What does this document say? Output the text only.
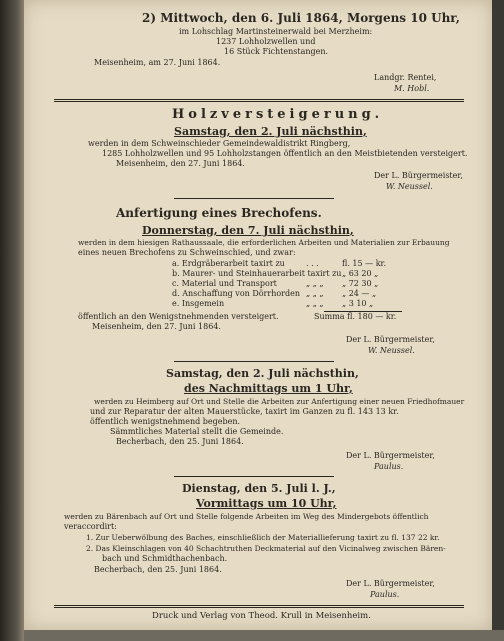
2) Mittwoch, den 6. Juli 1864, Morgens 10 Uhr,
im Lohschlag Martinsteinerwald bei Merzheim:
1237 Lohholzwellen und
16 Stück Fichtenstangen.
Meisenheim, am 27. Juni 1864.
Landgr. Rentei,
M. Hobl.
Holzversteigerung.
Samstag, den 2. Juli nächsthin,
werden in dem Schweinschieder Gemeindewaldistrikt Ringberg,
1285 Lohholzwellen und 95 Lohholzstangen öffentlich an den Meistbietenden versteigert.
Meisenheim, den 27. Juni 1864.
Der L. Bürgermeister,
W. Neussel.
Anfertigung eines Brechofens.
Donnerstag, den 7. Juli nächsthin,
werden in dem hiesigen Rathaussaale, die erforderlichen Arbeiten und Materialien zur Erbauung
eines neuen Brechofens zu Schweinschied, und zwar:
a. Erdgräberarbeit taxirt zu	. . .	fl. 15 — kr.
b. Maurer- und Steinhauerarbeit taxirt zu „ 63 20 „
c. Material und Transport	„ „ „ „ 72 30 „
d. Anschaffung von Dörrhorden „ „ „ „ 24 — „
e. Insgemein	„ „ „ „ 3 10 „
Summa fl. 180 — kr.
öffentlich an den Wenigstnehmenden versteigert.
Meisenheim, den 27. Juni 1864.
Der L. Bürgermeister,
W. Neussel.
Samstag, den 2. Juli nächsthin,
des Nachmittags um 1 Uhr,
werden zu Heimberg auf Ort und Stelle die Arbeiten zur Anfertigung einer neuen Friedhofmauer
und zur Reparatur der alten Mauerstücke, taxirt im Ganzen zu fl. 143 13 kr.
öffentlich wenigstnehmend begeben.
Sämmtliches Material stellt die Gemeinde.
Becherbach, den 25. Juni 1864.
Der L. Bürgermeister,
Paulus.
Dienstag, den 5. Juli l. J.,
Vormittags um 10 Uhr,
werden zu Bärenbach auf Ort und Stelle folgende Arbeiten im Weg des Mindergebots öffentlich
veraccordirt:
1. Zur Ueberwölbung des Baches, einschließlich der Materiallieferung taxirt zu fl. 137 22 kr.
2. Das Kleinschlagen von 40 Schachtruthen Deckmaterial auf den Vicinalweg zwischen Bären-
bach und Schmidthachenbach.
Becherbach, den 25. Juni 1864.
Der L. Bürgermeister,
Paulus.
Druck und Verlag von Theod. Krull in Meisenheim.
